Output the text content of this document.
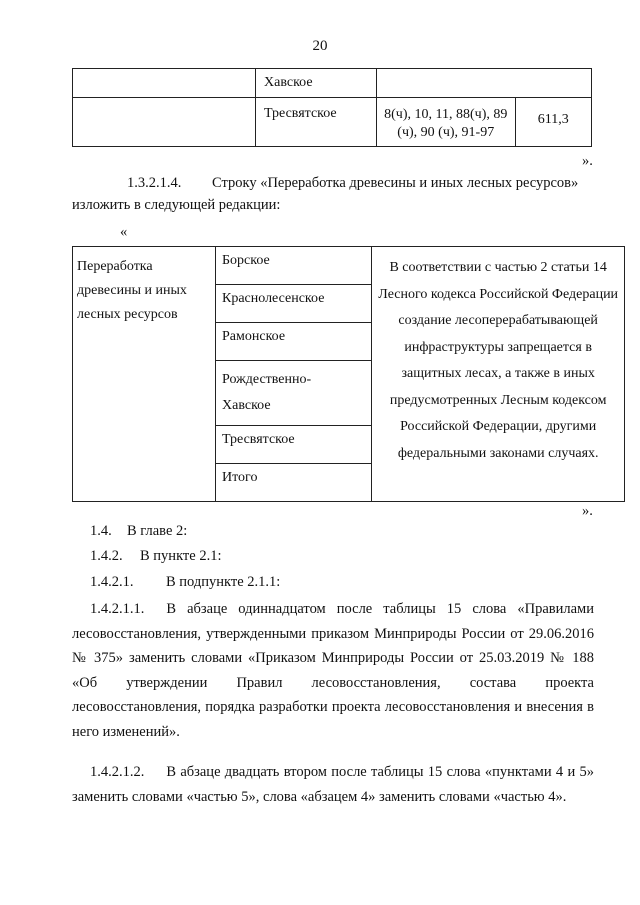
20
	Хавское		
	Тресвятское	8(ч), 10, 11, 88(ч), 89 (ч), 90 (ч), 91-97	611,3
».
1.3.2.1.4. Строку «Переработка древесины и иных лесных ресурсов»
изложить в следующей редакции:
«
Переработка древесины и иных лесных ресурсов	Борское	В соответствии с частью 2 статьи 14 Лесного кодекса Российской Федерации создание лесоперерабатывающей инфраструктуры запрещается в защитных лесах, а также в иных предусмотренных Лесным кодексом Российской Федерации, другими федеральными законами случаях.
Краснолесенское
Рамонское
Рождественно-Хавское
Тресвятское
Итого
».
1.4. В главе 2:
1.4.2. В пункте 2.1:
1.4.2.1. В подпункте 2.1.1:
1.4.2.1.1. В абзаце одиннадцатом после таблицы 15 слова «Правилами лесовосстановления, утвержденными приказом Минприроды России от 29.06.2016 № 375» заменить словами «Приказом Минприроды России от 25.03.2019 № 188 «Об утверждении Правил лесовосстановления, состава проекта лесовосстановления, порядка разработки проекта лесовосстановления и внесения в него изменений».
1.4.2.1.2. В абзаце двадцать втором после таблицы 15 слова «пунктами 4 и 5» заменить словами «частью 5», слова «абзацем 4» заменить словами «частью 4».
